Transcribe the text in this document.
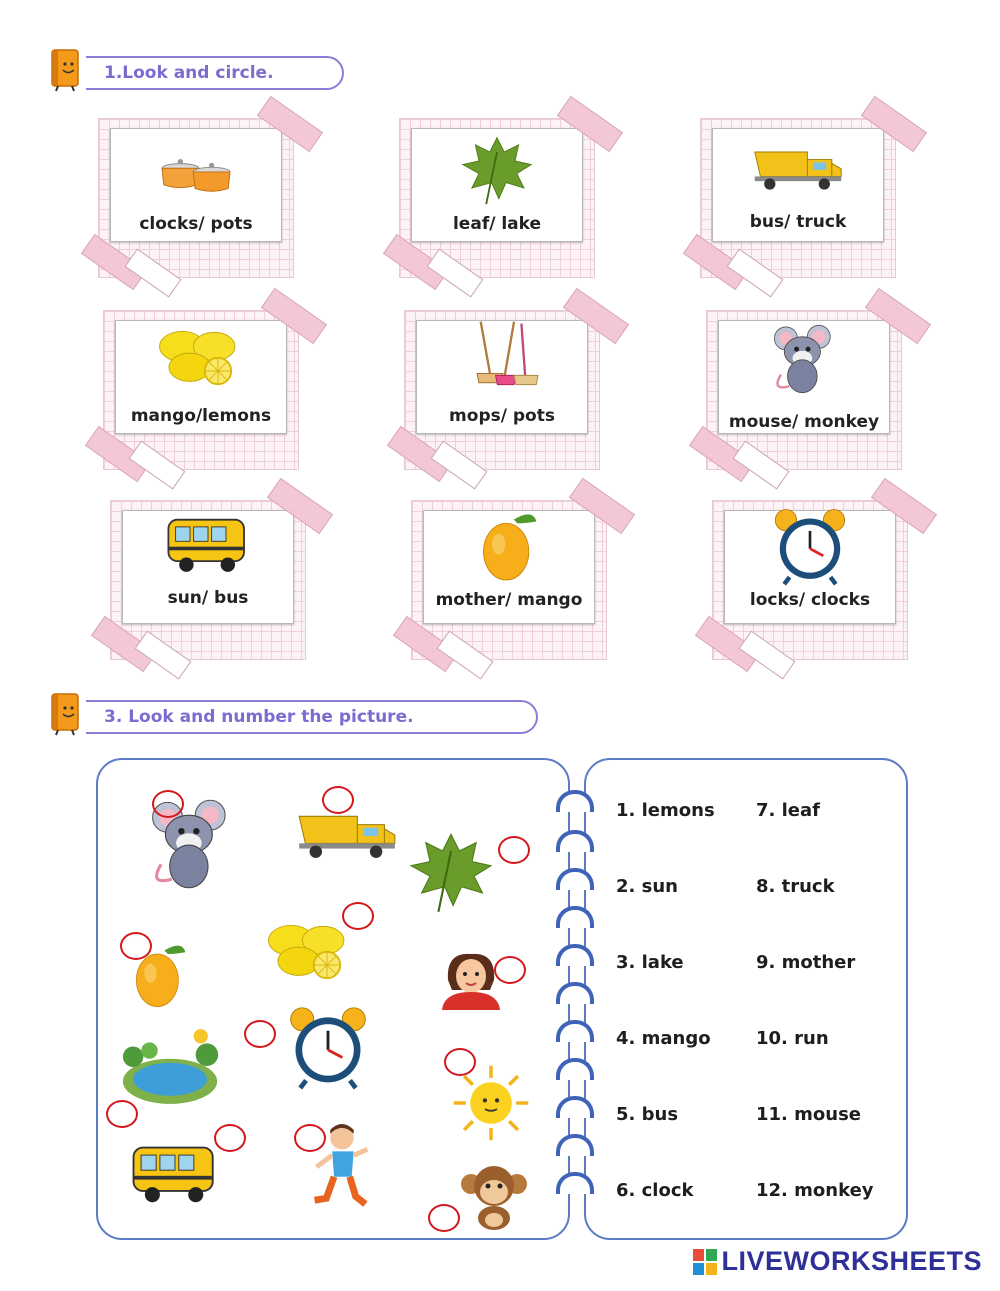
1.Look and circle.
clocks/ pots	leaf/ lake	bus/ truck
mango/lemons	mops/ pots	mouse/ monkey
sun/ bus	mother/ mango	locks/ clocks
3. Look and number the picture.
1. lemons
2. sun
3. lake
4. mango
5. bus
6. clock
7. leaf
8. truck
9. mother
10. run
11. mouse
12. monkey
LIVEWORKSHEETS
